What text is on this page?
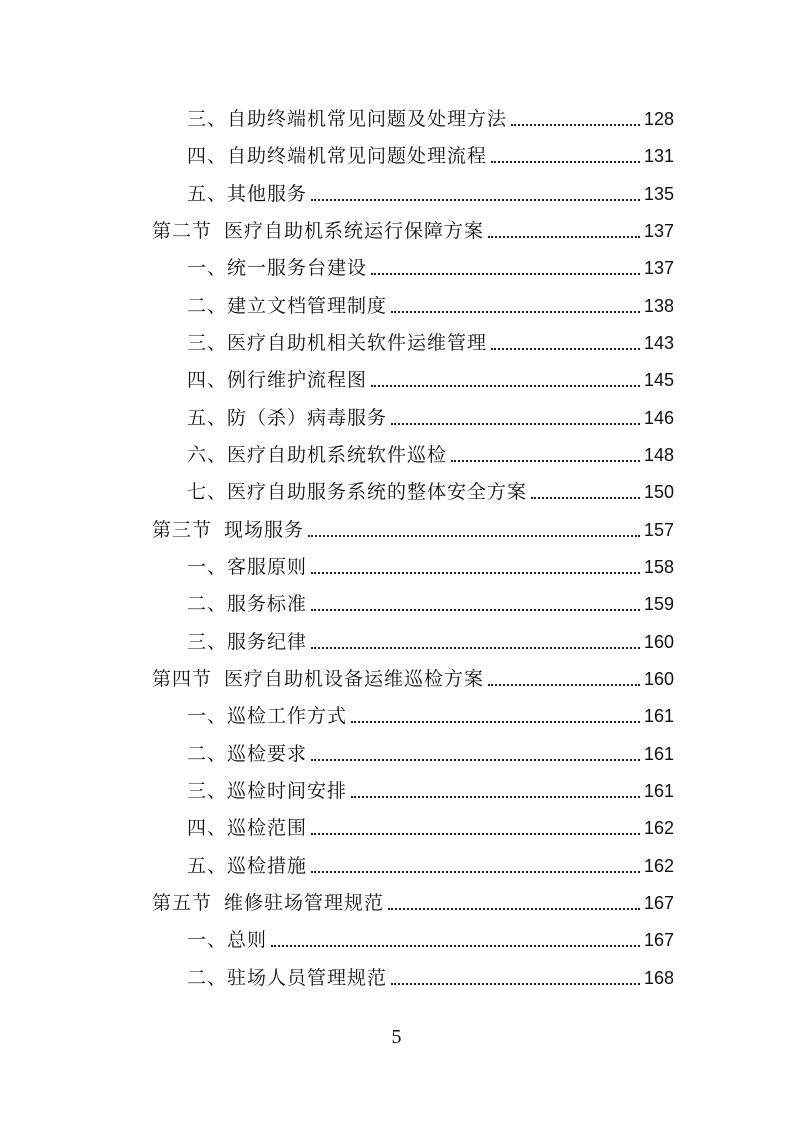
三、自助终端机常见问题及处理方法	128
四、自助终端机常见问题处理流程	131
五、其他服务	135
第二节 医疗自助机系统运行保障方案	137
一、统一服务台建设	137
二、建立文档管理制度	138
三、医疗自助机相关软件运维管理	143
四、例行维护流程图	145
五、防（杀）病毒服务	146
六、医疗自助机系统软件巡检	148
七、医疗自助服务系统的整体安全方案	150
第三节 现场服务	157
一、客服原则	158
二、服务标准	159
三、服务纪律	160
第四节 医疗自助机设备运维巡检方案	160
一、巡检工作方式	161
二、巡检要求	161
三、巡检时间安排	161
四、巡检范围	162
五、巡检措施	162
第五节 维修驻场管理规范	167
一、总则	167
二、驻场人员管理规范	168
5
